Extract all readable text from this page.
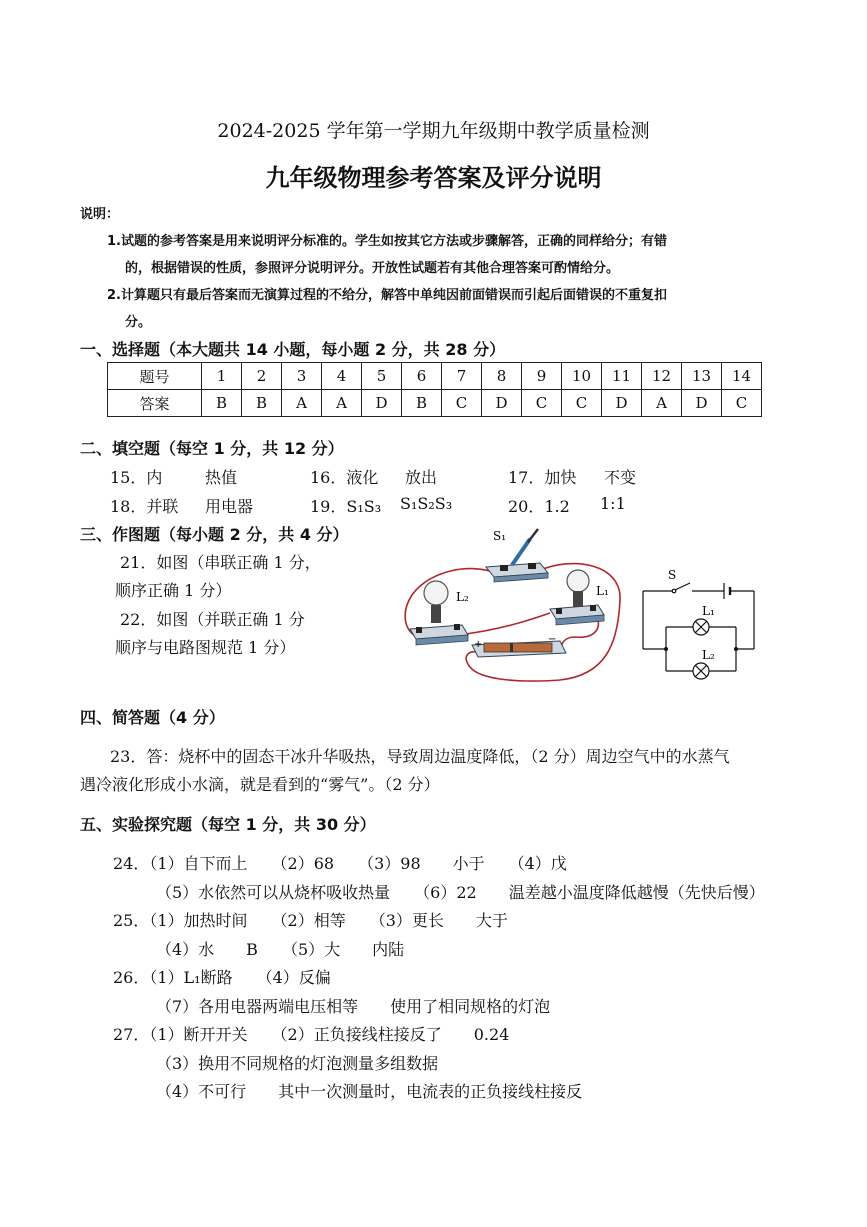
2024-2025 学年第一学期九年级期中教学质量检测
九年级物理参考答案及评分说明
说明：
1.试题的参考答案是用来说明评分标准的。学生如按其它方法或步骤解答，正确的同样给分；有错
的，根据错误的性质，参照评分说明评分。开放性试题若有其他合理答案可酌情给分。
2.计算题只有最后答案而无演算过程的不给分，解答中单纯因前面错误而引起后面错误的不重复扣
分。
一、选择题（本大题共 14 小题，每小题 2 分，共 28 分）
题号	1	2	3	4	5	6	7	8	9	10	11	12	13	14
答案	B	B	A	A	D	B	C	D	C	C	D	A	D	C
二、填空题（每空 1 分，共 12 分）
15．内	热值	16．液化 放出	17．加快 不变
18．并联 用电器	19．S₁S₃ S₁S₂S₃	20．1.2 1:1
三、作图题（每小题 2 分，共 4 分）
21．如图（串联正确 1 分，
顺序正确 1 分）
22．如图（并联正确 1 分
顺序与电路图规范 1 分）
S₁
L₂	L₁
+	−
S
L₁
L₂
四、简答题（4 分）
23．答：烧杯中的固态干冰升华吸热，导致周边温度降低，（2 分）周边空气中的水蒸气
遇冷液化形成小水滴，就是看到的“雾气”。（2 分）
五、实验探究题（每空 1 分，共 30 分）
24．（1）自下而上　　（2）68　　（3）98　　小于　　（4）戊
（5）水依然可以从烧杯吸收热量　　（6）22　　温差越小温度降低越慢（先快后慢）
25．（1）加热时间　　（2）相等　　（3）更长　　大于
（4）水　　B　　（5）大　　内陆
26．（1）L₁断路　　（4）反偏
（7）各用电器两端电压相等　　使用了相同规格的灯泡
27．（1）断开开关　　（2）正负接线柱接反了　　0.24
（3）换用不同规格的灯泡测量多组数据
（4）不可行　　其中一次测量时，电流表的正负接线柱接反
